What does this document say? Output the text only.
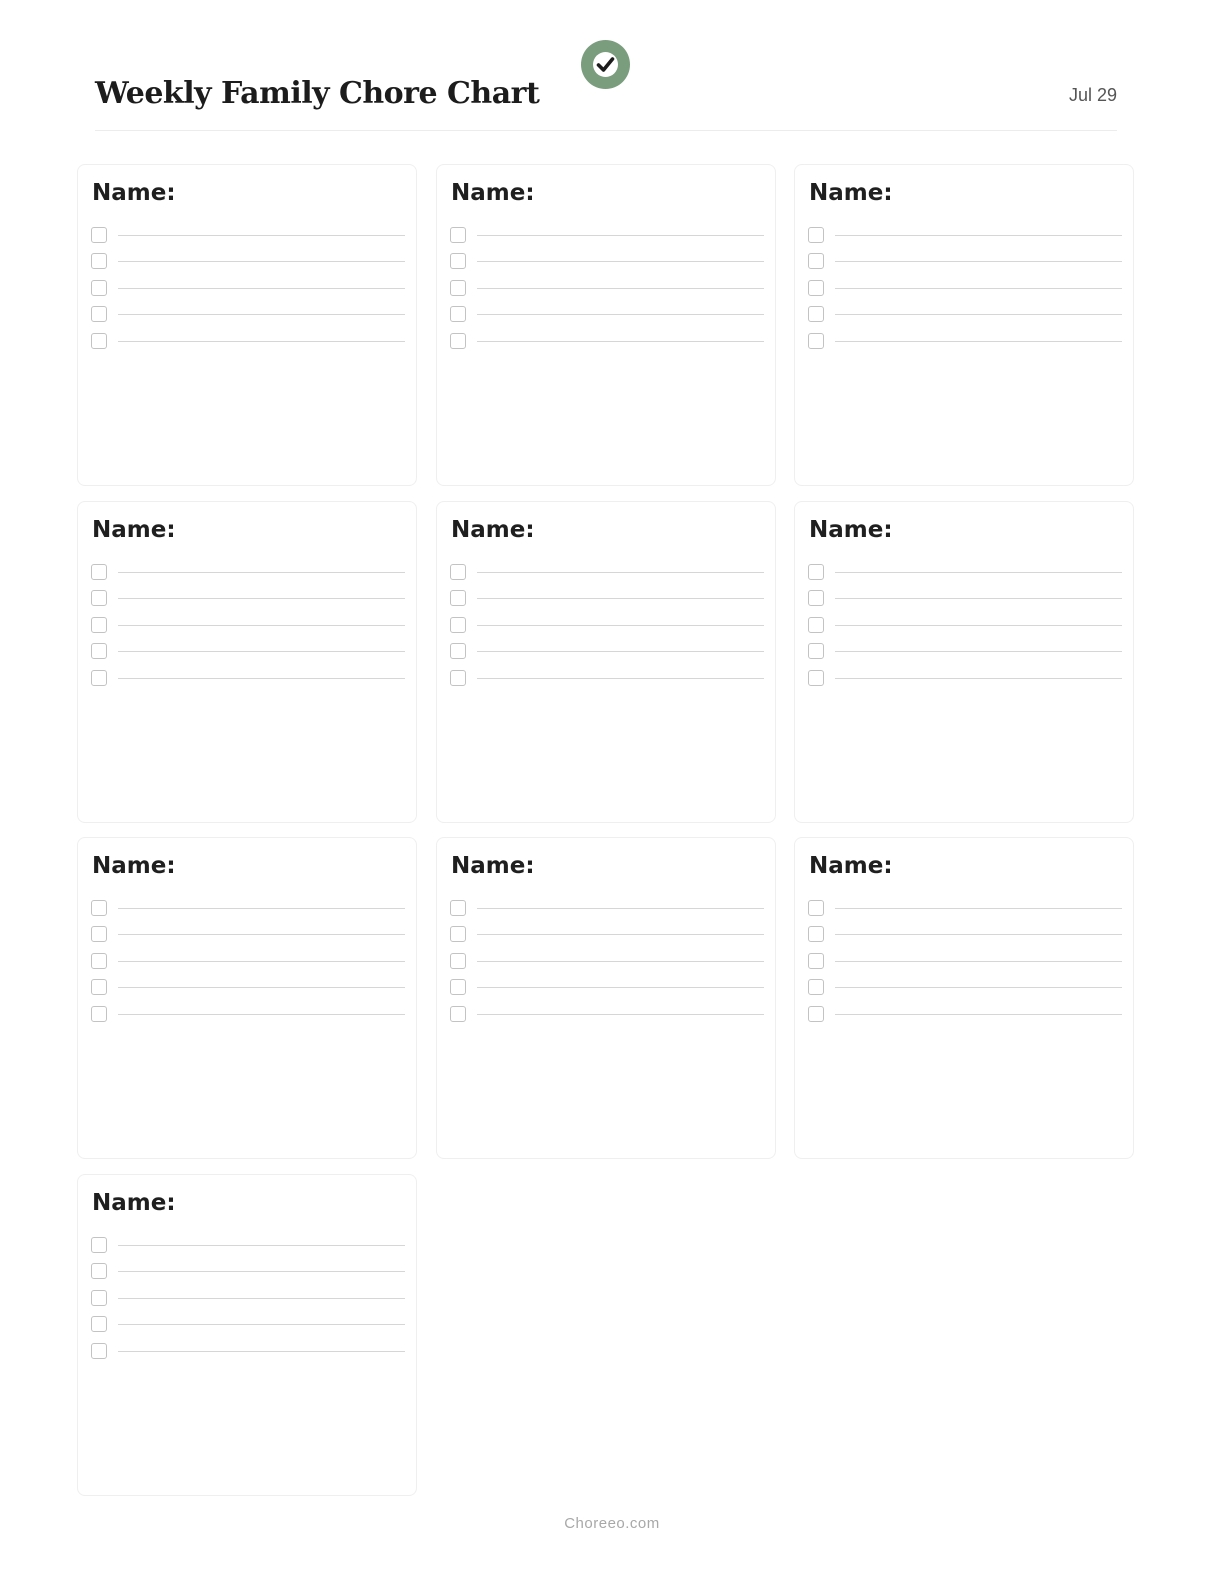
Weekly Family Chore Chart	Jul 29
Name:	Name:	Name:
Name:	Name:	Name:
Name:	Name:	Name:
Name:
Choreeo.com
